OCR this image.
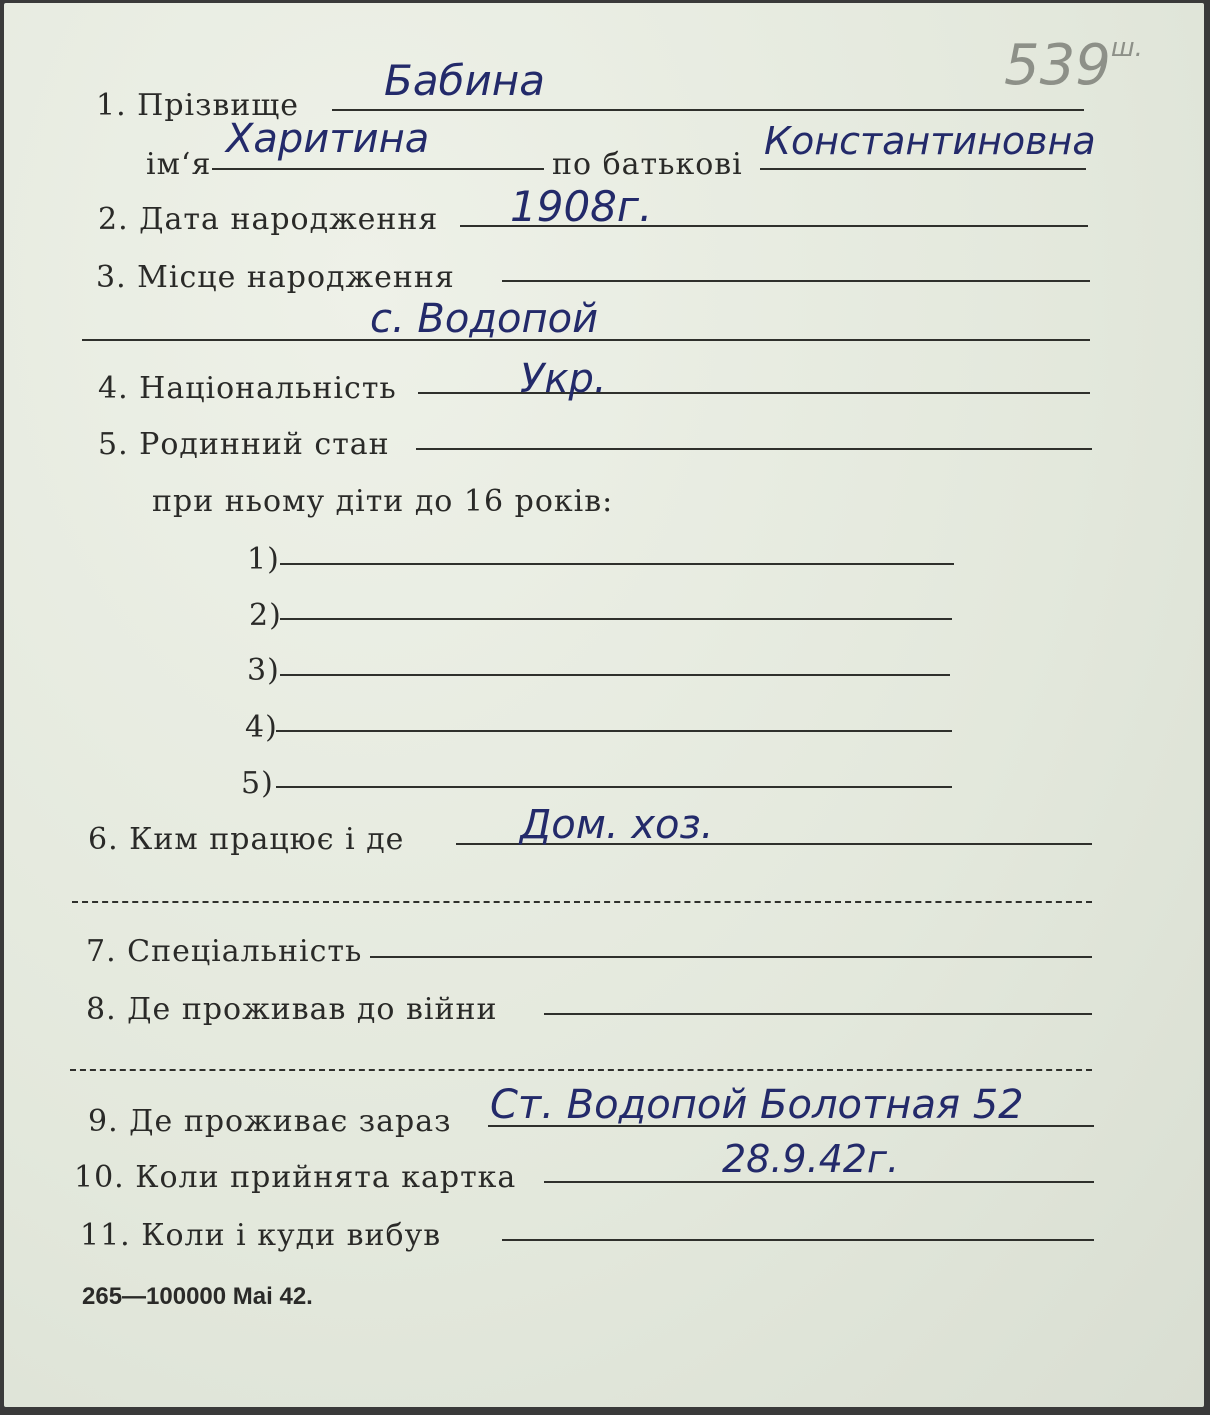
$539^{ш.}$
1. Прізвище
Бабина
ім‘я
Харитина
по батькові
Константиновна
2. Дата народження 1908г.
3. Місце народження
с. Водопой
4. Національність	Укр.
5. Родинний стан
при ньому діти до 16 років:
1)
2)
3)
4)
5)
6. Ким працює і де	Дом. хоз.
7. Спеціальність
8. Де проживав до війни
9. Де проживає зараз Ст. Водопой Болотная 52
10. Коли прийнята картка	28.9.42г.
11. Коли і куди вибув
265—100000 Mai 42.
